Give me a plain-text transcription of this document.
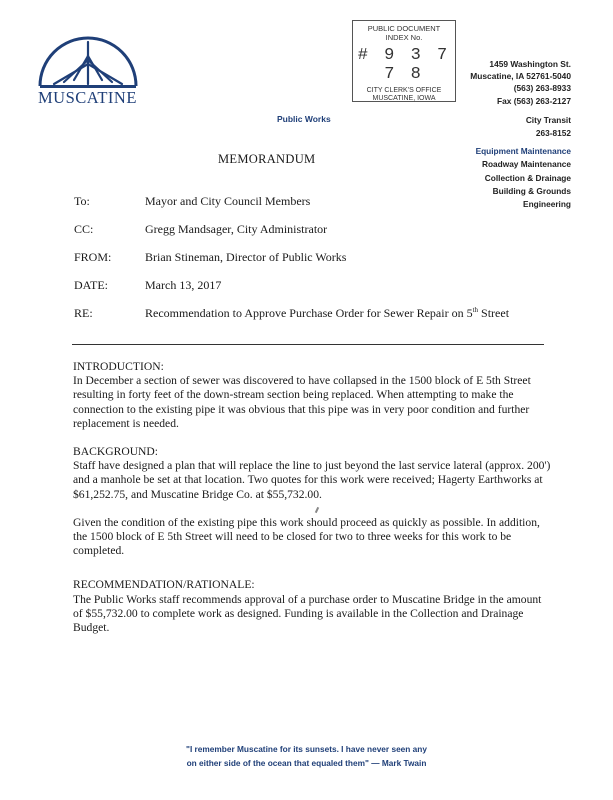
MUSCATINE
PUBLIC DOCUMENT
INDEX No.
# 9 3 7 7 8
CITY CLERK'S OFFICE
MUSCATINE, IOWA
1459 Washington St.
Muscatine, IA 52761-5040
(563) 263-8933
Fax (563) 263-2127
Public Works	City Transit
263-8152
Equipment Maintenance
Roadway Maintenance
Collection & Drainage
Building & Grounds
Engineering
MEMORANDUM
To:	Mayor and City Council Members
CC:	Gregg Mandsager, City Administrator
FROM:	Brian Stineman, Director of Public Works
DATE:	March 13, 2017
RE:	Recommendation to Approve Purchase Order for Sewer Repair on 5th Street
INTRODUCTION:

In December a section of sewer was discovered to have collapsed in the 1500 block of E 5th Street resulting in forty feet of the down-stream section being replaced. When attempting to make the connection to the existing pipe it was obvious that this pipe was in very poor condition and further replacement is needed.

BACKGROUND:

Staff have designed a plan that will replace the line to just beyond the last service lateral (approx. 200') and a manhole be set at that location. Two quotes for this work were received; Hagerty Earthworks at $61,252.75, and Muscatine Bridge Co. at $55,732.00.

Given the condition of the existing pipe this work should proceed as quickly as possible. In addition, the 1500 block of E 5th Street will need to be closed for two to three weeks for this work to be completed.

RECOMMENDATION/RATIONALE:

The Public Works staff recommends approval of a purchase order to Muscatine Bridge in the amount of $55,732.00 to complete work as designed. Funding is available in the Collection and Drainage Budget.

"I remember Muscatine for its sunsets. I have never seen any
on either side of the ocean that equaled them" — Mark Twain
